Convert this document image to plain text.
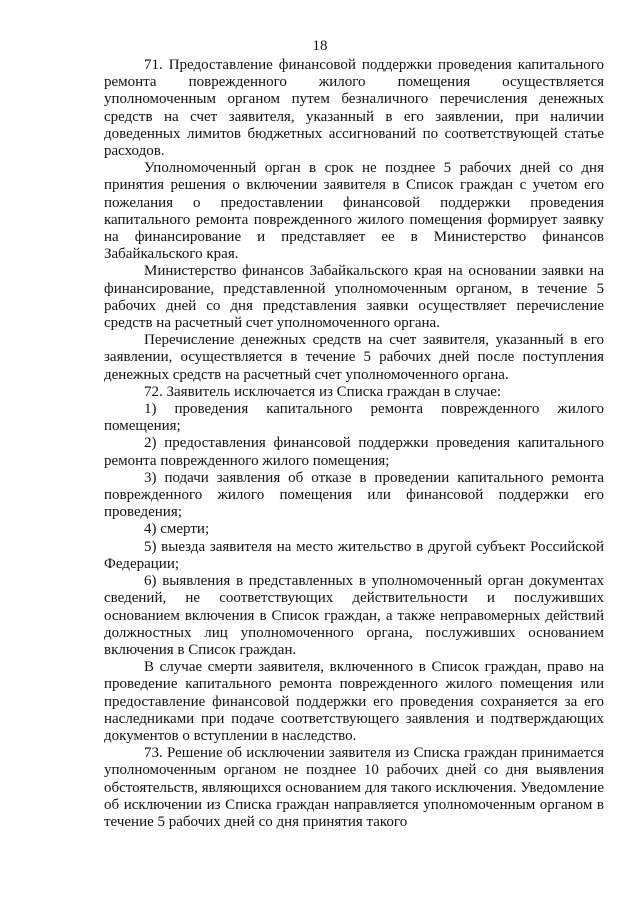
18

71. Предоставление финансовой поддержки проведения капитального ремонта поврежденного жилого помещения осуществляется уполномоченным органом путем безналичного перечисления денежных средств на счет заявителя, указанный в его заявлении, при наличии доведенных лимитов бюджетных ассигнований по соответствующей статье расходов.

Уполномоченный орган в срок не позднее 5 рабочих дней со дня принятия решения о включении заявителя в Список граждан с учетом его пожелания о предоставлении финансовой поддержки проведения капитального ремонта поврежденного жилого помещения формирует заявку на финансирование и представляет ее в Министерство финансов Забайкальского края.

Министерство финансов Забайкальского края на основании заявки на финансирование, представленной уполномоченным органом, в течение 5 рабочих дней со дня представления заявки осуществляет перечисление средств на расчетный счет уполномоченного органа.

Перечисление денежных средств на счет заявителя, указанный в его заявлении, осуществляется в течение 5 рабочих дней после поступления денежных средств на расчетный счет уполномоченного органа.

72. Заявитель исключается из Списка граждан в случае:

1) проведения капитального ремонта поврежденного жилого помещения;

2) предоставления финансовой поддержки проведения капитального ремонта поврежденного жилого помещения;

3) подачи заявления об отказе в проведении капитального ремонта поврежденного жилого помещения или финансовой поддержки его проведения;

4) смерти;

5) выезда заявителя на место жительство в другой субъект Российской Федерации;

6) выявления в представленных в уполномоченный орган документах сведений, не соответствующих действительности и послуживших основанием включения в Список граждан, а также неправомерных действий должностных лиц уполномоченного органа, послуживших основанием включения в Список граждан.

В случае смерти заявителя, включенного в Список граждан, право на проведение капитального ремонта поврежденного жилого помещения или предоставление финансовой поддержки его проведения сохраняется за его наследниками при подаче соответствующего заявления и подтверждающих документов о вступлении в наследство.

73. Решение об исключении заявителя из Списка граждан принимается уполномоченным органом не позднее 10 рабочих дней со дня выявления обстоятельств, являющихся основанием для такого исключения. Уведомление об исключении из Списка граждан направляется уполномоченным органом в течение 5 рабочих дней со дня принятия такого
